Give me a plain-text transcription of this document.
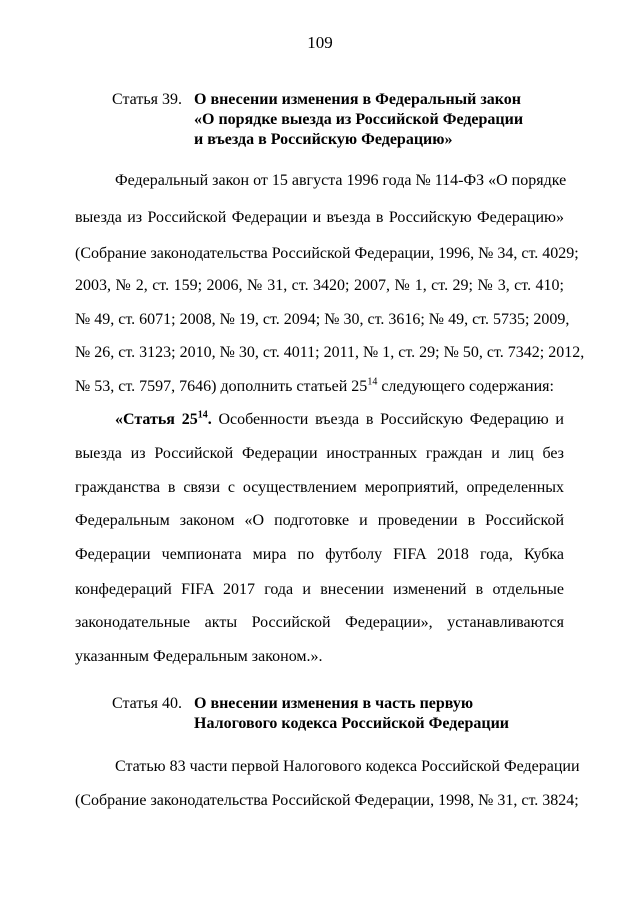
109
Статья 39. О внесении изменения в Федеральный закон
«О порядке выезда из Российской Федерации
и въезда в Российскую Федерацию»
Федеральный закон от 15 августа 1996 года № 114-ФЗ «О порядке
выезда из Российской Федерации и въезда в Российскую Федерацию»
(Собрание законодательства Российской Федерации, 1996, № 34, ст. 4029;
2003, № 2, ст. 159; 2006, № 31, ст. 3420; 2007, № 1, ст. 29; № 3, ст. 410;
№ 49, ст. 6071; 2008, № 19, ст. 2094; № 30, ст. 3616; № 49, ст. 5735; 2009,
№ 26, ст. 3123; 2010, № 30, ст. 4011; 2011, № 1, ст. 29; № 50, ст. 7342; 2012,
№ 53, ст. 7597, 7646) дополнить статьей $25^{14}$ следующего содержания:
«Статья $25^{14}$. Особенности въезда в Российскую Федерацию и
выезда из Российской Федерации иностранных граждан и лиц без
гражданства в связи с осуществлением мероприятий, определенных
Федеральным законом «О подготовке и проведении в Российской
Федерации чемпионата мира по футболу FIFA 2018 года, Кубка
конфедераций FIFA 2017 года и внесении изменений в отдельные
законодательные акты Российской Федерации», устанавливаются
указанным Федеральным законом.».
Статья 40. О внесении изменения в часть первую
Налогового кодекса Российской Федерации
Статью 83 части первой Налогового кодекса Российской Федерации
(Собрание законодательства Российской Федерации, 1998, № 31, ст. 3824;
